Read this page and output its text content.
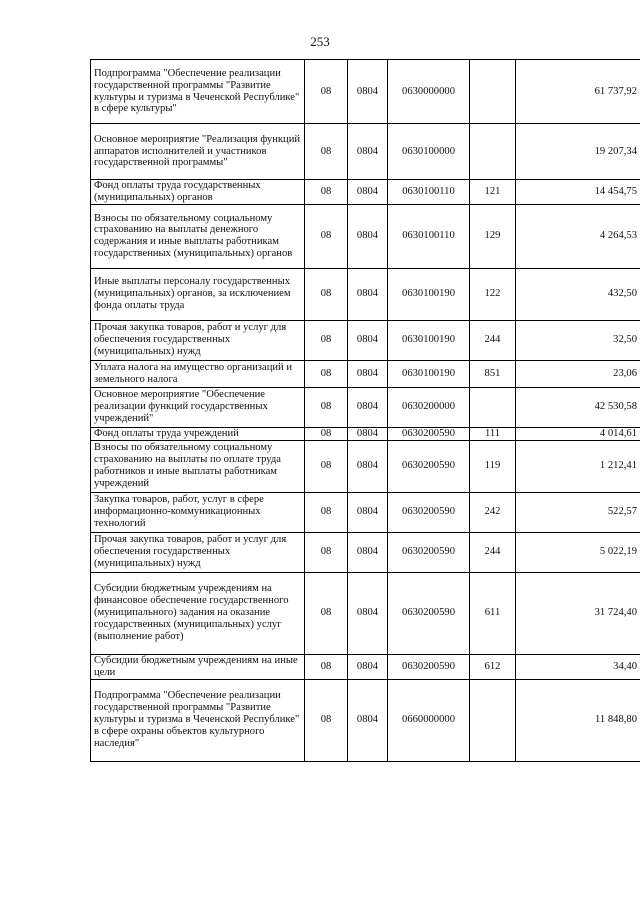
253
Подпрограмма "Обеспечение реализации государственной программы "Развитие культуры и туризма в Чеченской Республике" в сфере культуры"	08	0804	0630000000		61 737,92
Основное мероприятие "Реализация функций аппаратов исполнителей и участников государственной программы"	08	0804	0630100000		19 207,34
Фонд оплаты труда государственных (муниципальных) органов	08	0804	0630100110	121	14 454,75
Взносы по обязательному социальному страхованию на выплаты денежного содержания и иные выплаты работникам государственных (муниципальных) органов	08	0804	0630100110	129	4 264,53
Иные выплаты персоналу государственных (муниципальных) органов, за исключением фонда оплаты труда	08	0804	0630100190	122	432,50
Прочая закупка товаров, работ и услуг для обеспечения государственных (муниципальных) нужд	08	0804	0630100190	244	32,50
Уплата налога на имущество организаций и земельного налога	08	0804	0630100190	851	23,06
Основное мероприятие "Обеспечение реализации функций государственных учреждений"	08	0804	0630200000		42 530,58
Фонд оплаты труда учреждений	08	0804	0630200590	111	4 014,61
Взносы по обязательному социальному страхованию на выплаты по оплате труда работников и иные выплаты работникам учреждений	08	0804	0630200590	119	1 212,41
Закупка товаров, работ, услуг в сфере информационно-коммуникационных технологий	08	0804	0630200590	242	522,57
Прочая закупка товаров, работ и услуг для обеспечения государственных (муниципальных) нужд	08	0804	0630200590	244	5 022,19
Субсидии бюджетным учреждениям на финансовое обеспечение государственного (муниципального) задания на оказание государственных (муниципальных) услуг (выполнение работ)	08	0804	0630200590	611	31 724,40
Субсидии бюджетным учреждениям на иные цели	08	0804	0630200590	612	34,40
Подпрограмма "Обеспечение реализации государственной программы "Развитие культуры и туризма в Чеченской Республике" в сфере охраны объектов культурного наследия"	08	0804	0660000000		11 848,80
